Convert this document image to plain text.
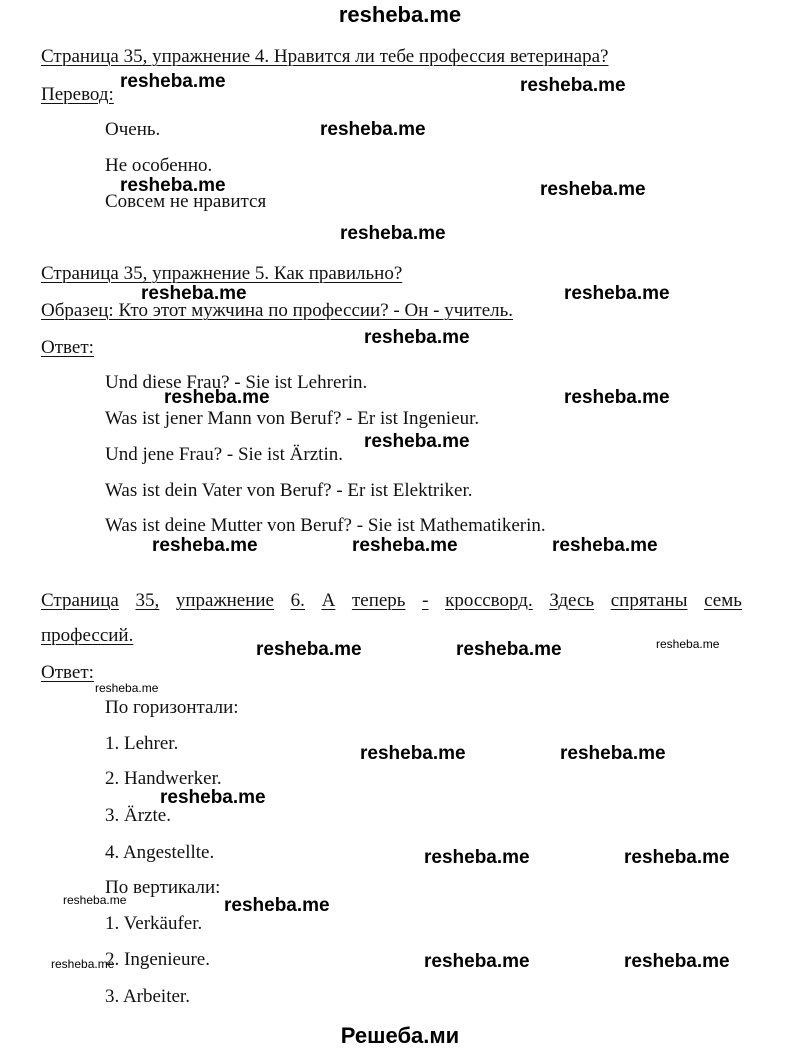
resheba.me
Страница 35, упражнение 4. Нравится ли тебе профессия ветеринара?
Перевод:
Очень.
Не особенно.
Совсем не нравится
Страница 35, упражнение 5. Как правильно?
Образец: Кто этот мужчина по профессии? - Он - учитель.
Ответ:
Und diese Frau? - Sie ist Lehrerin.
Was ist jener Mann von Beruf? - Er ist Ingenieur.
Und jene Frau? - Sie ist Ärztin.
Was ist dein Vater von Beruf? - Er ist Elektriker.
Was ist deine Mutter von Beruf? - Sie ist Mathematikerin.
Страница 35, упражнение 6. А теперь - кроссворд. Здесь спрятаны семь
профессий.
Ответ:
По горизонтали:
1. Lehrer.
2. Handwerker.
3. Ärzte.
4. Angestellte.
По вертикали:
1. Verkäufer.
2. Ingenieure.
3. Arbeiter.
resheba.me	resheba.me
resheba.me
resheba.me	resheba.me
resheba.me
resheba.me	resheba.me
resheba.me
resheba.me	resheba.me
resheba.me
resheba.me	resheba.me	resheba.me
resheba.me	resheba.me
resheba.me	resheba.me
resheba.me
resheba.me	resheba.me
resheba.me
resheba.me	resheba.me
resheba.me
resheba.me
resheba.me
resheba.me
Решеба.ми
